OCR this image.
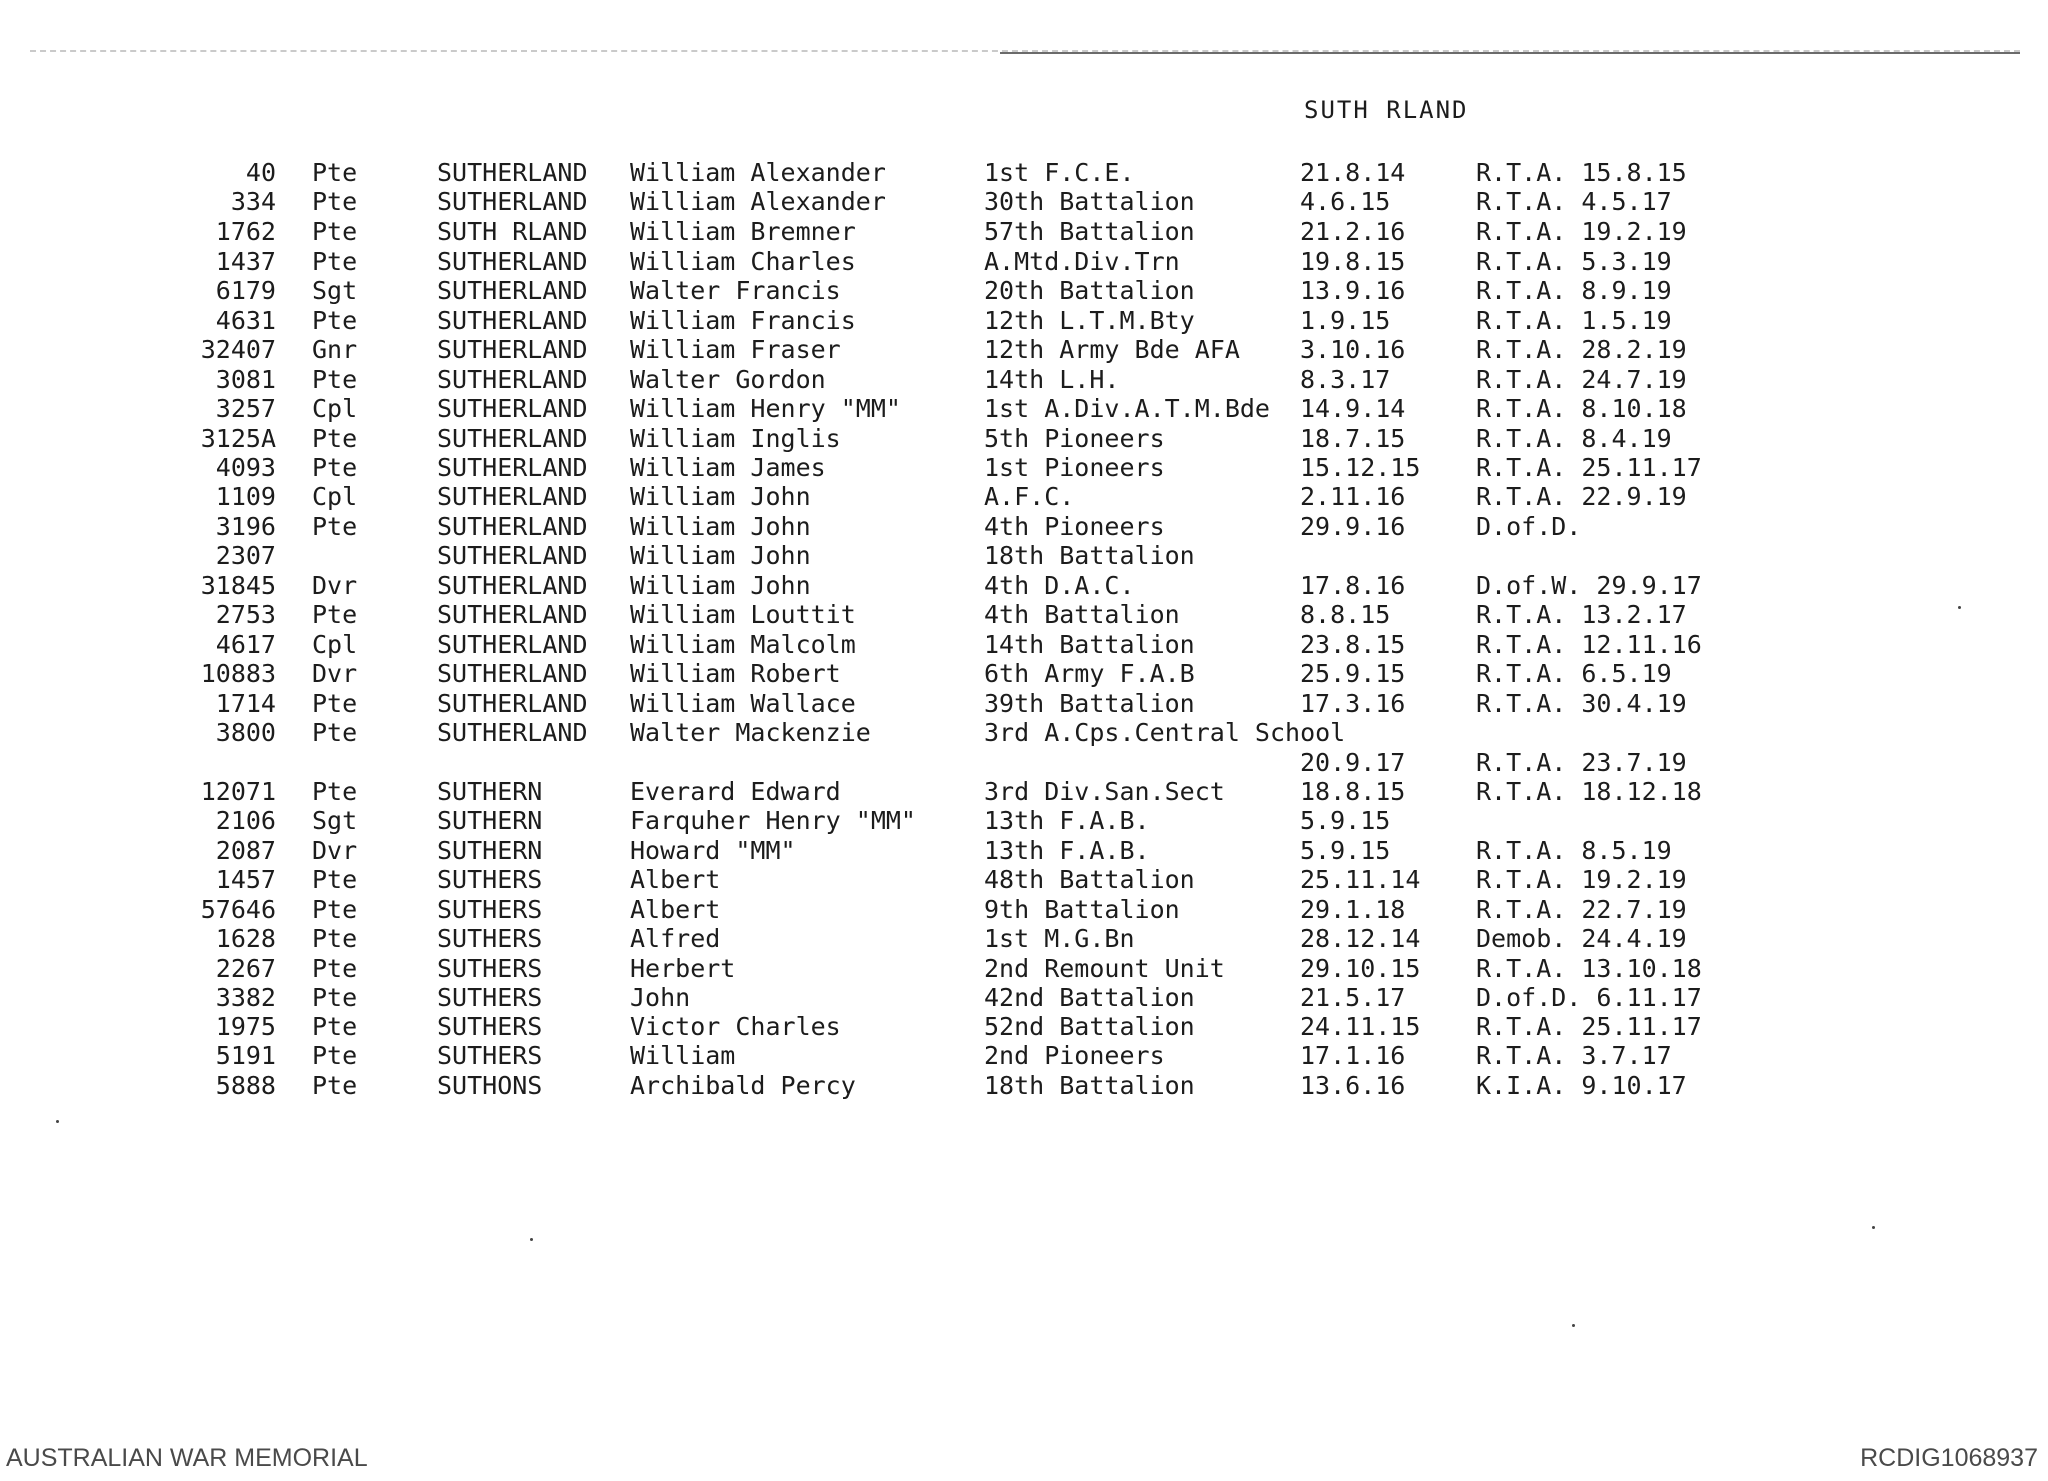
SUTH RLAND
40 Pte	SUTHERLAND William Alexander	1st F.C.E.	21.8.14	R.T.A. 15.8.15
334 Pte	SUTHERLAND William Alexander	30th Battalion	4.6.15	R.T.A. 4.5.17
1762 Pte	SUTH RLAND William Bremner	57th Battalion	21.2.16	R.T.A. 19.2.19
1437 Pte	SUTHERLAND William Charles	A.Mtd.Div.Trn	19.8.15	R.T.A. 5.3.19
6179 Sgt	SUTHERLAND Walter Francis	20th Battalion	13.9.16	R.T.A. 8.9.19
4631 Pte	SUTHERLAND William Francis	12th L.T.M.Bty	1.9.15	R.T.A. 1.5.19
32407 Gnr	SUTHERLAND William Fraser	12th Army Bde AFA 3.10.16	R.T.A. 28.2.19
3081 Pte	SUTHERLAND Walter Gordon	14th L.H.	8.3.17	R.T.A. 24.7.19
3257 Cpl	SUTHERLAND William Henry "MM"	1st A.Div.A.T.M.Bde 14.9.14	R.T.A. 8.10.18
3125A Pte	SUTHERLAND William Inglis	5th Pioneers	18.7.15	R.T.A. 8.4.19
4093 Pte	SUTHERLAND William James	1st Pioneers	15.12.15 R.T.A. 25.11.17
1109 Cpl	SUTHERLAND William John	A.F.C.	2.11.16	R.T.A. 22.9.19
3196 Pte	SUTHERLAND William John	4th Pioneers	29.9.16	D.of.D.
2307	SUTHERLAND William John	18th Battalion
31845 Dvr	SUTHERLAND William John	4th D.A.C.	17.8.16	D.of.W. 29.9.17
2753 Pte	SUTHERLAND William Louttit	4th Battalion	8.8.15	R.T.A. 13.2.17
4617 Cpl	SUTHERLAND William Malcolm	14th Battalion	23.8.15	R.T.A. 12.11.16
10883 Dvr	SUTHERLAND William Robert	6th Army F.A.B	25.9.15	R.T.A. 6.5.19
1714 Pte	SUTHERLAND William Wallace	39th Battalion	17.3.16	R.T.A. 30.4.19
3800 Pte	SUTHERLAND Walter Mackenzie	3rd A.Cps.Central School
20.9.17	R.T.A. 23.7.19
12071 Pte	SUTHERN	Everard Edward	3rd Div.San.Sect	18.8.15	R.T.A. 18.12.18
2106 Sgt	SUTHERN	Farquher Henry "MM"	13th F.A.B.	5.9.15
2087 Dvr	SUTHERN	Howard "MM"	13th F.A.B.	5.9.15	R.T.A. 8.5.19
1457 Pte	SUTHERS	Albert	48th Battalion	25.11.14 R.T.A. 19.2.19
57646 Pte	SUTHERS	Albert	9th Battalion	29.1.18	R.T.A. 22.7.19
1628 Pte	SUTHERS	Alfred	1st M.G.Bn	28.12.14 Demob. 24.4.19
2267 Pte	SUTHERS	Herbert	2nd Remount Unit	29.10.15 R.T.A. 13.10.18
3382 Pte	SUTHERS	John	42nd Battalion	21.5.17	D.of.D. 6.11.17
1975 Pte	SUTHERS	Victor Charles	52nd Battalion	24.11.15 R.T.A. 25.11.17
5191 Pte	SUTHERS	William	2nd Pioneers	17.1.16	R.T.A. 3.7.17
5888 Pte	SUTHONS	Archibald Percy	18th Battalion	13.6.16	K.I.A. 9.10.17
AUSTRALIAN WAR MEMORIAL	RCDIG1068937
